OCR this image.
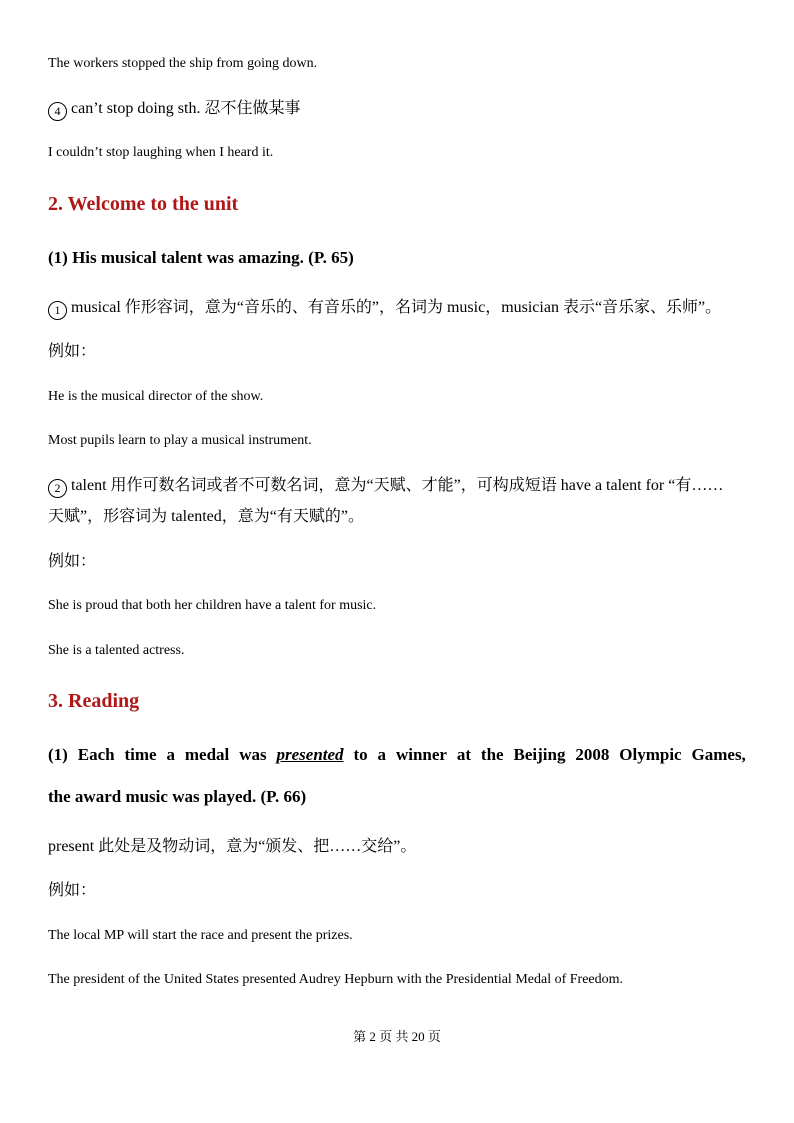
The workers stopped the ship from going down.
4 can’t stop doing sth. 忍不住做某事
I couldn’t stop laughing when I heard it.
2. Welcome to the unit
(1) His musical talent was amazing. (P. 65)
1 musical 作形容词，意为“音乐的、有音乐的”，名词为 music，musician 表示“音乐家、乐师”。
例如：
He is the musical director of the show.
Most pupils learn to play a musical instrument.
2 talent 用作可数名词或者不可数名词，意为“天赋、才能”，可构成短语 have a talent for “有……
天赋”，形容词为 talented，意为“有天赋的”。
例如：
She is proud that both her children have a talent for music.
She is a talented actress.
3. Reading
(1) Each time a medal was presented to a winner at the Beijing 2008 Olympic Games,
the award music was played. (P. 66)
present 此处是及物动词，意为“颁发、把……交给”。
例如：
The local MP will start the race and present the prizes.
The president of the United States presented Audrey Hepburn with the Presidential Medal of Freedom.
第 2 页 共 20 页
